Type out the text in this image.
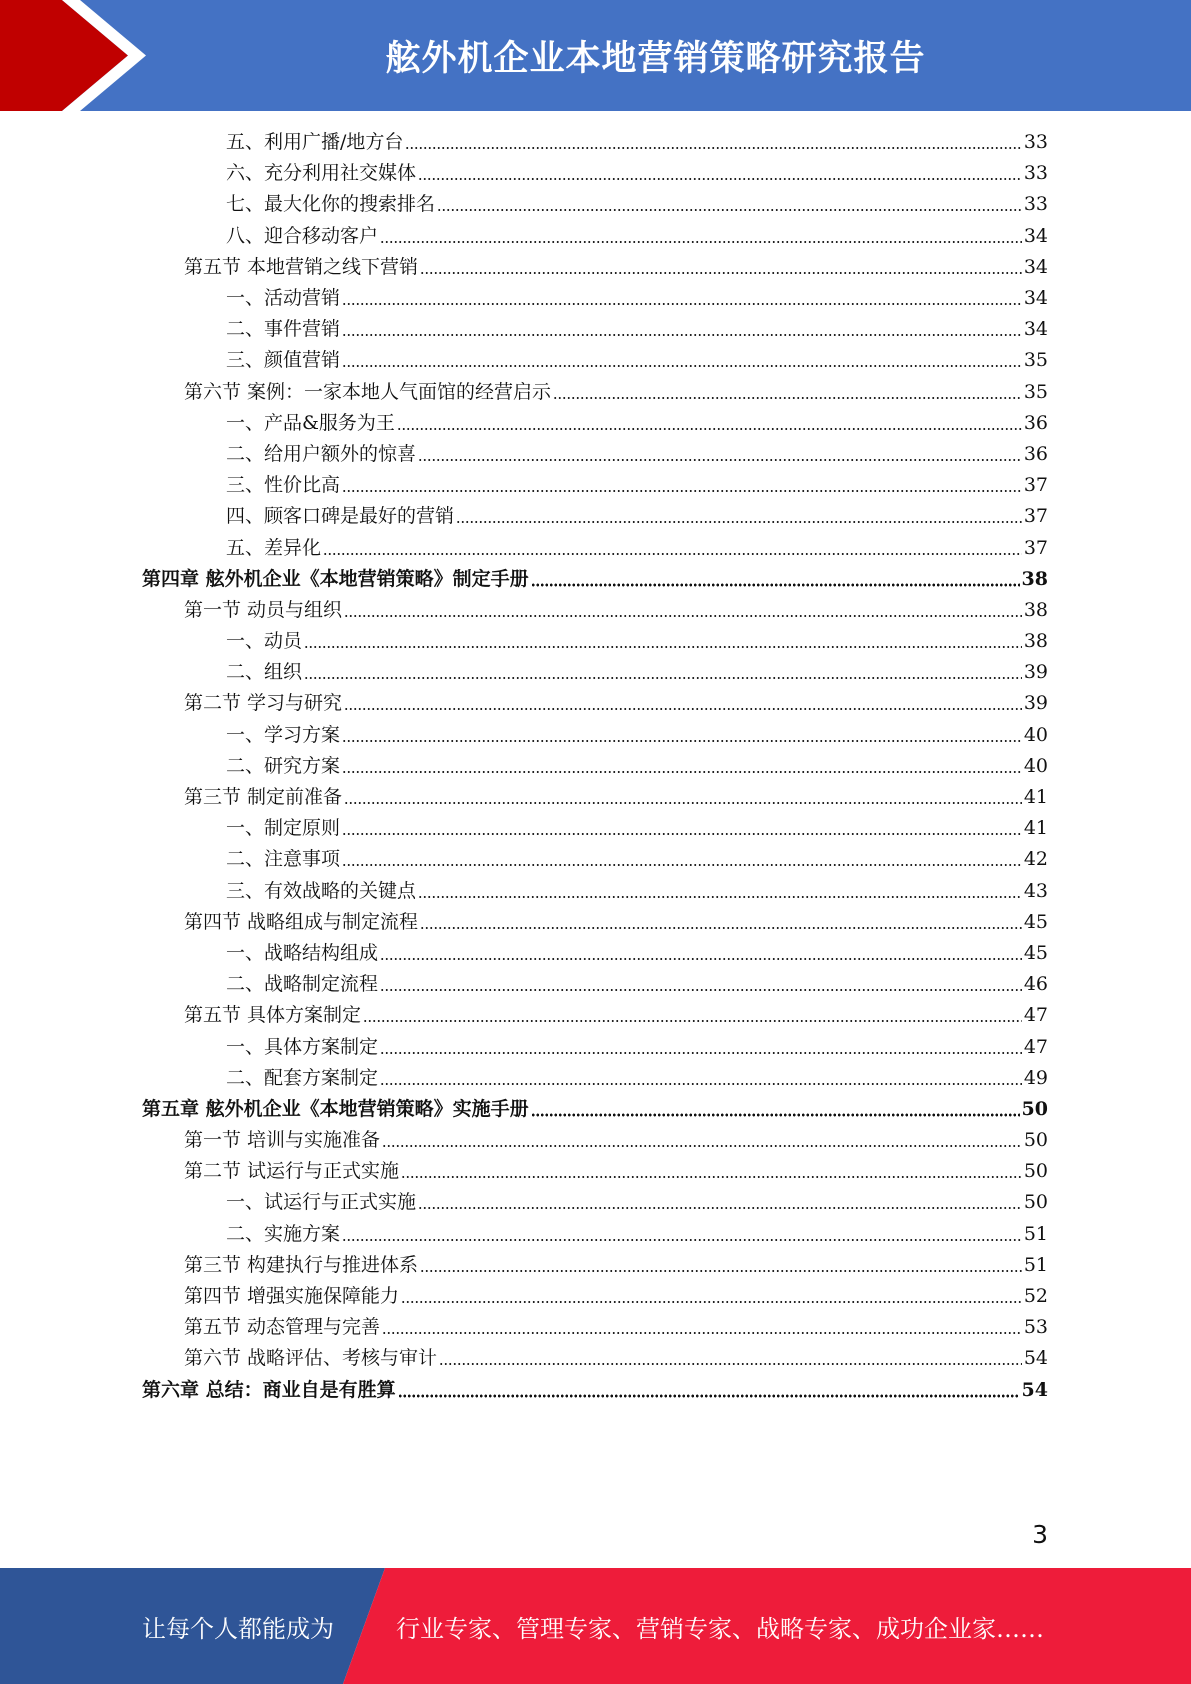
舷外机企业本地营销策略研究报告
五、利用广播/地方台	33
六、充分利用社交媒体	33
七、最大化你的搜索排名	33
八、迎合移动客户	34
第五节 本地营销之线下营销	34
一、活动营销	34
二、事件营销	34
三、颜值营销	35
第六节 案例：一家本地人气面馆的经营启示	35
一、产品&服务为王	36
二、给用户额外的惊喜	36
三、性价比高	37
四、顾客口碑是最好的营销	37
五、差异化	37
第四章 舷外机企业《本地营销策略》制定手册	38
第一节 动员与组织	38
一、动员	38
二、组织	39
第二节 学习与研究	39
一、学习方案	40
二、研究方案	40
第三节 制定前准备	41
一、制定原则	41
二、注意事项	42
三、有效战略的关键点	43
第四节 战略组成与制定流程	45
一、战略结构组成	45
二、战略制定流程	46
第五节 具体方案制定	47
一、具体方案制定	47
二、配套方案制定	49
第五章 舷外机企业《本地营销策略》实施手册	50
第一节 培训与实施准备	50
第二节 试运行与正式实施	50
一、试运行与正式实施	50
二、实施方案	51
第三节 构建执行与推进体系	51
第四节 增强实施保障能力	52
第五节 动态管理与完善	53
第六节 战略评估、考核与审计	54
第六章 总结：商业自是有胜算	54
3
让每个人都能成为	行业专家、管理专家、营销专家、战略专家、成功企业家……
